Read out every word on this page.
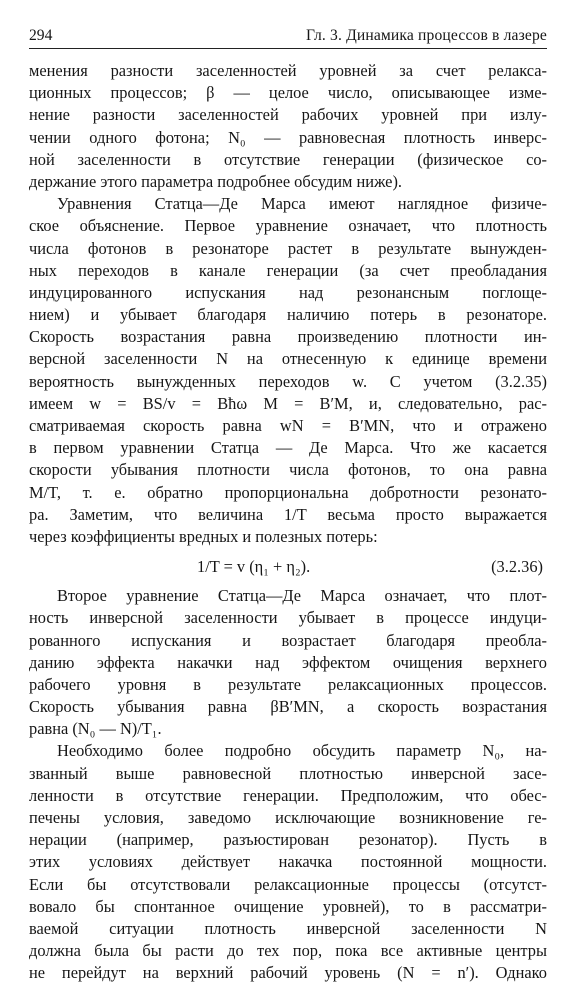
294	Гл. 3. Динамика процессов в лазере
менения разности заселенностей уровней за счет релакса-
ционных процессов; β — целое число, описывающее изме-
нение разности заселенностей рабочих уровней при излу-
чении одного фотона; N₀ — равновесная плотность инверс-
ной заселенности в отсутствие генерации (физическое со-
держание этого параметра подробнее обсудим ниже).
Уравнения Статца—Де Марса имеют наглядное физиче-
ское объяснение. Первое уравнение означает, что плотность
числа фотонов в резонаторе растет в результате вынужден-
ных переходов в канале генерации (за счет преобладания
индуцированного испускания над резонансным поглоще-
нием) и убывает благодаря наличию потерь в резонаторе.
Скорость возрастания равна произведению плотности ин-
версной заселенности N на отнесенную к единице времени
вероятность вынужденных переходов w. С учетом (3.2.35)
имеем w = BS/v = Bħω M = B′M, и, следовательно, рас-
сматриваемая скорость равна wN = B′MN, что и отражено
в первом уравнении Статца — Де Марса. Что же касается
скорости убывания плотности числа фотонов, то она равна
M/T, т. е. обратно пропорциональна добротности резонато-
ра. Заметим, что величина 1/T весьма просто выражается
через коэффициенты вредных и полезных потерь:
1/T = v (η₁ + η₂).	(3.2.36)
Второе уравнение Статца—Де Марса означает, что плот-
ность инверсной заселенности убывает в процессе индуци-
рованного испускания и возрастает благодаря преобла-
данию эффекта накачки над эффектом очищения верхнего
рабочего уровня в результате релаксационных процессов.
Скорость убывания равна βB′MN, а скорость возрастания
равна (N₀ — N)/T₁.
Необходимо более подробно обсудить параметр N₀, на-
званный выше равновесной плотностью инверсной засе-
ленности в отсутствие генерации. Предположим, что обес-
печены условия, заведомо исключающие возникновение ге-
нерации (например, разъюстирован резонатор). Пусть в
этих условиях действует накачка постоянной мощности.
Если бы отсутствовали релаксационные процессы (отсутст-
вовало бы спонтанное очищение уровней), то в рассматри-
ваемой ситуации плотность инверсной заселенности N
должна была бы расти до тех пор, пока все активные центры
не перейдут на верхний рабочий уровень (N = n′). Однако
